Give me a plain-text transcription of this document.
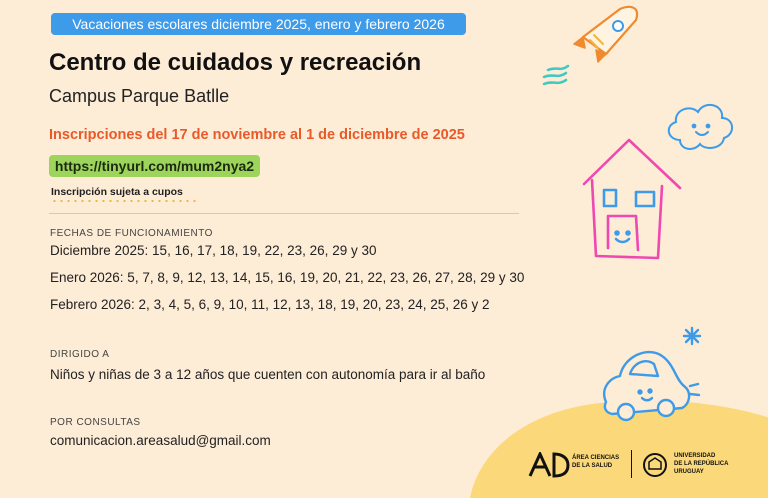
Vacaciones escolares diciembre 2025, enero y febrero 2026
Centro de cuidados y recreación
Campus Parque Batlle
Inscripciones del 17 de noviembre al 1 de diciembre de 2025
https://tinyurl.com/mum2nya2
Inscripción sujeta a cupos
FECHAS DE FUNCIONAMIENTO
Diciembre 2025: 15, 16, 17, 18, 19, 22, 23, 26, 29 y 30
Enero 2026: 5, 7, 8, 9, 12, 13, 14, 15, 16, 19, 20, 21, 22, 23, 26, 27, 28, 29 y 30
Febrero 2026: 2, 3, 4, 5, 6, 9, 10, 11, 12, 13, 18, 19, 20, 23, 24, 25, 26 y 2
DIRIGIDO A
Niños y niñas de 3 a 12 años que cuenten con autonomía para ir al baño
POR CONSULTAS
comunicacion.areasalud@gmail.com
ÁREA CIENCIAS
DE LA SALUD
UNIVERSIDAD
DE LA REPÚBLICA
URUGUAY
